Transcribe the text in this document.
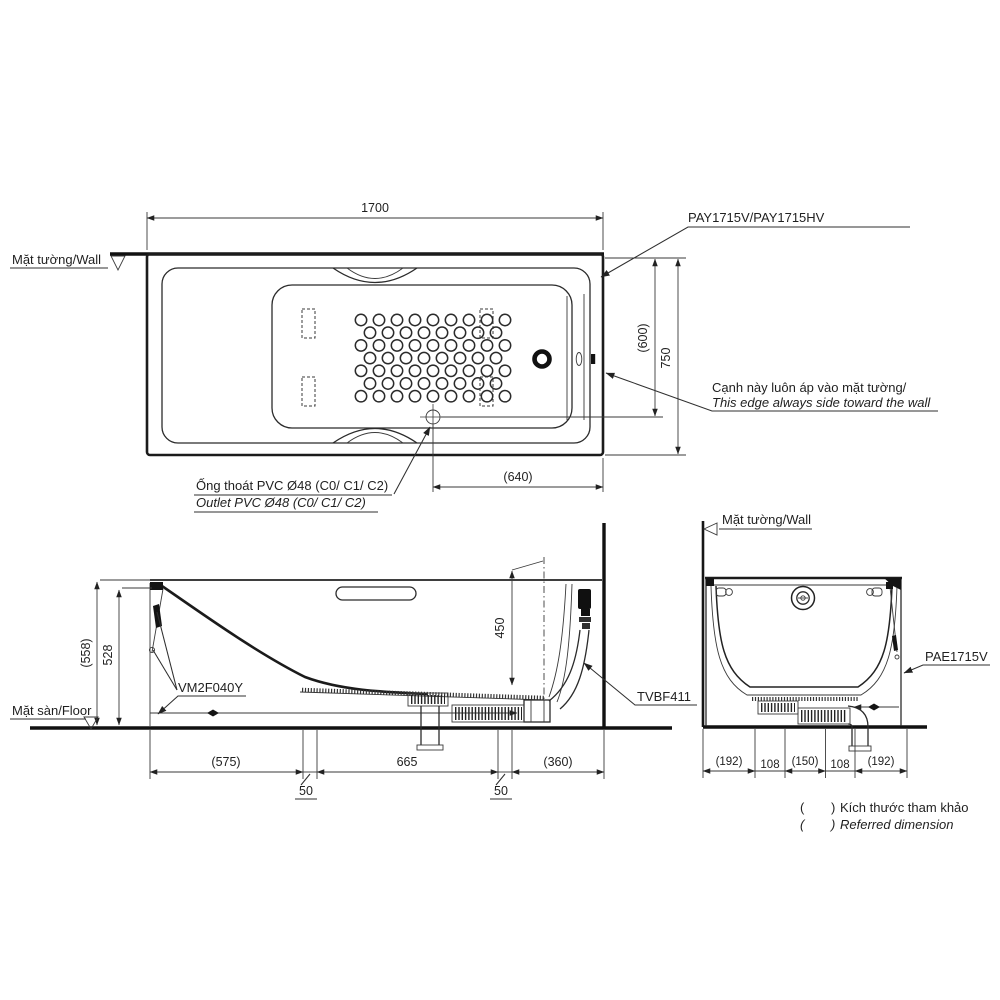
Mặt tường/Wall
1700
(600)
750
(640)
PAY1715V/PAY1715HV
Cạnh này luôn áp vào mặt tường/
This edge always side toward the wall
Ống thoát PVC Ø48 (C0/ C1/ C2)
Outlet PVC Ø48 (C0/ C1/ C2)
450
(558) 528
VM2F040Y
TVBF411
Mặt sàn/Floor
(575)	665	(360)
50	50
Mặt tường/Wall
PAE1715V
(192) 108 (150) 108 (192)
( ) Kích thước tham khảo
( ) Referred dimension
